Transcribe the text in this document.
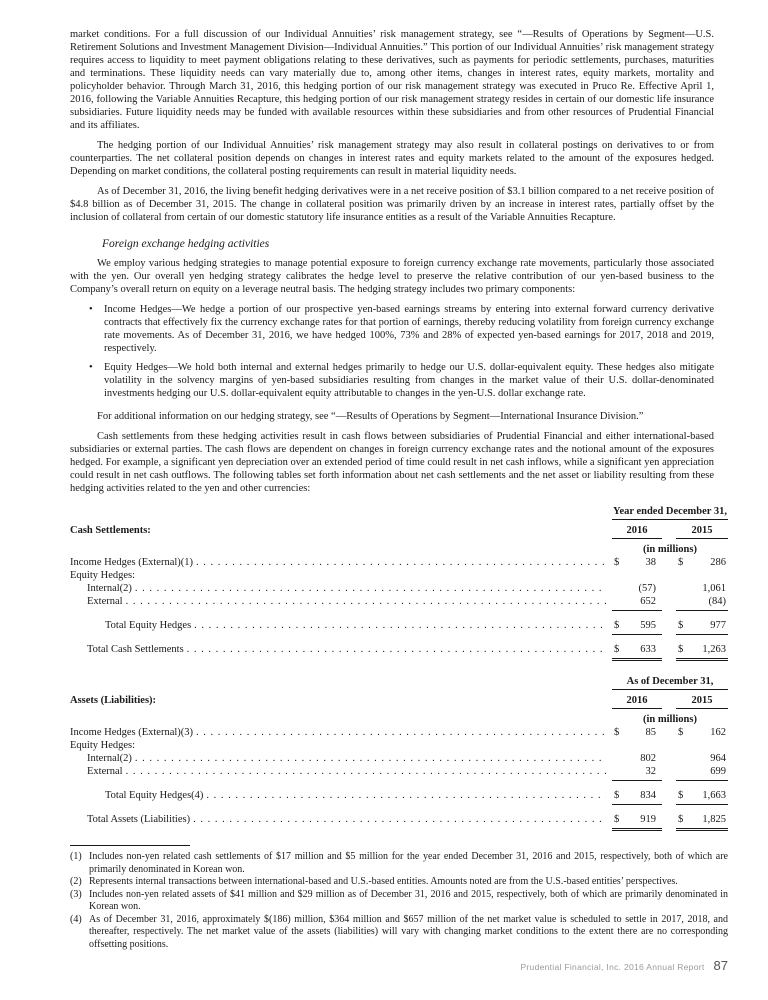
market conditions. For a full discussion of our Individual Annuities’ risk management strategy, see “—Results of Operations by Segment—U.S. Retirement Solutions and Investment Management Division—Individual Annuities.” This portion of our Individual Annuities’ risk management strategy requires access to liquidity to meet payment obligations relating to these derivatives, such as payments for periodic settlements, purchases, maturities and terminations. These liquidity needs can vary materially due to, among other items, changes in interest rates, equity markets, mortality and policyholder behavior. Through March 31, 2016, this hedging portion of our risk management strategy was executed in Pruco Re. Effective April 1, 2016, following the Variable Annuities Recapture, this hedging portion of our risk management strategy resides in certain of our domestic life insurance subsidiaries. Future liquidity needs may be funded with available resources within these subsidiaries and from other resources of Prudential Financial and its affiliates.

The hedging portion of our Individual Annuities’ risk management strategy may also result in collateral postings on derivatives to or from counterparties. The net collateral position depends on changes in interest rates and equity markets related to the amount of the exposures hedged. Depending on market conditions, the collateral posting requirements can result in material liquidity needs.

As of December 31, 2016, the living benefit hedging derivatives were in a net receive position of $3.1 billion compared to a net receive position of $4.8 billion as of December 31, 2015. The change in collateral position was primarily driven by an increase in interest rates, partially offset by the inclusion of collateral from certain of our domestic statutory life insurance entities as a result of the Variable Annuities Recapture.

Foreign exchange hedging activities

We employ various hedging strategies to manage potential exposure to foreign currency exchange rate movements, particularly those associated with the yen. Our overall yen hedging strategy calibrates the hedge level to preserve the relative contribution of our yen-based business to the Company’s overall return on equity on a leverage neutral basis. The hedging strategy includes two primary components:

• Income Hedges—We hedge a portion of our prospective yen-based earnings streams by entering into external forward currency derivative contracts that effectively fix the currency exchange rates for that portion of earnings, thereby reducing volatility from foreign currency exchange rate movements. As of December 31, 2016, we have hedged 100%, 73% and 28% of expected yen-based earnings for 2017, 2018 and 2019, respectively.
• Equity Hedges—We hold both internal and external hedges primarily to hedge our U.S. dollar-equivalent equity. These hedges also mitigate volatility in the solvency margins of yen-based subsidiaries resulting from changes in the market value of their U.S. dollar-denominated investments hedging our U.S. dollar-equivalent equity attributable to changes in the yen-U.S. dollar exchange rate.

For additional information on our hedging strategy, see “—Results of Operations by Segment—International Insurance Division.”

Cash settlements from these hedging activities result in cash flows between subsidiaries of Prudential Financial and either international-based subsidiaries or external parties. The cash flows are dependent on changes in foreign currency exchange rates and the notional amount of the exposures hedged. For example, a significant yen depreciation over an extended period of time could result in net cash inflows, while a significant yen appreciation could result in net cash outflows. The following tables set forth information about net cash settlements and the net asset or liability resulting from these hedging activities related to the yen and other currencies:

Year ended December 31,
Cash Settlements:	2016	2015
(in millions)
Income Hedges (External)(1) . . .	$	38 $	286
Equity Hedges:
Internal(2) . . .	(57)	1,061
External . . .	652	(84)
Total Equity Hedges . . .	$ 595 $	977
Total Cash Settlements . . .	$ 633 $ 1,263
As of December 31,
Assets (Liabilities):	2016	2015
(in millions)
Income Hedges (External)(3) . . .	$	85 $	162
Equity Hedges:
Internal(2) . . .	802	964
External . . .	32	699
Total Equity Hedges(4) . . .	$ 834 $ 1,663
Total Assets (Liabilities) . . .	$ 919 $ 1,825
(1) Includes non-yen related cash settlements of $17 million and $5 million for the year ended December 31, 2016 and 2015, respectively, both of which are primarily denominated in Korean won.
(2) Represents internal transactions between international-based and U.S.-based entities. Amounts noted are from the U.S.-based entities’ perspectives.
(3) Includes non-yen related assets of $41 million and $29 million as of December 31, 2016 and 2015, respectively, both of which are primarily denominated in Korean won.
(4) As of December 31, 2016, approximately $(186) million, $364 million and $657 million of the net market value is scheduled to settle in 2017, 2018, and thereafter, respectively. The net market value of the assets (liabilities) will vary with changing market conditions to the extent there are no corresponding offsetting positions.
Prudential Financial, Inc. 2016 Annual Report 87
